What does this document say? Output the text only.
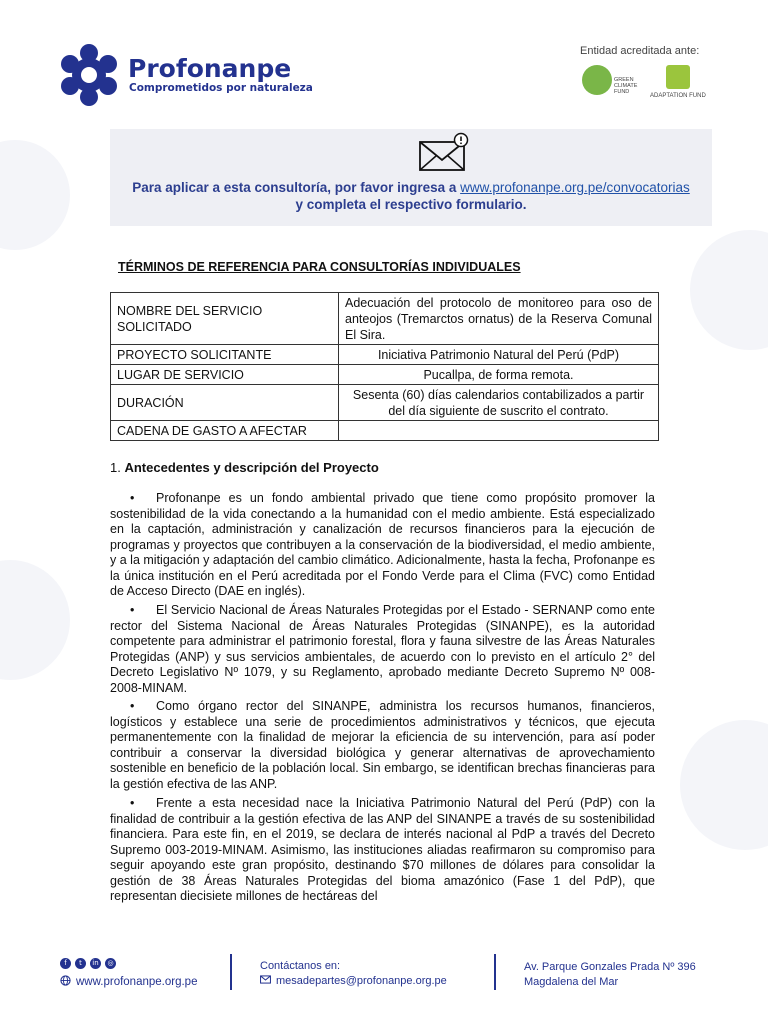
Profonanpe
Comprometidos por naturaleza
Entidad acreditada ante:
GREEN CLIMATE FUND
ADAPTATION FUND
Para aplicar a esta consultoría, por favor ingresa a www.profonanpe.org.pe/convocatorias
y completa el respectivo formulario.
TÉRMINOS DE REFERENCIA PARA CONSULTORÍAS INDIVIDUALES
NOMBRE DEL SERVICIO SOLICITADO	Adecuación del protocolo de monitoreo para oso de anteojos (Tremarctos ornatus) de la Reserva Comunal El Sira.
PROYECTO SOLICITANTE	Iniciativa Patrimonio Natural del Perú (PdP)
LUGAR DE SERVICIO	Pucallpa, de forma remota.
DURACIÓN	Sesenta (60) días calendarios contabilizados a partir del día siguiente de suscrito el contrato.
CADENA DE GASTO A AFECTAR	
1. Antecedentes y descripción del Proyecto
• Profonanpe es un fondo ambiental privado que tiene como propósito promover la sostenibilidad de la vida conectando a la humanidad con el medio ambiente. Está especializado en la captación, administración y canalización de recursos financieros para la ejecución de programas y proyectos que contribuyen a la conservación de la biodiversidad, el medio ambiente, y a la mitigación y adaptación del cambio climático. Adicionalmente, hasta la fecha, Profonanpe es la única institución en el Perú acreditada por el Fondo Verde para el Clima (FVC) como Entidad de Acceso Directo (DAE en inglés).
• El Servicio Nacional de Áreas Naturales Protegidas por el Estado - SERNANP como ente rector del Sistema Nacional de Áreas Naturales Protegidas (SINANPE), es la autoridad competente para administrar el patrimonio forestal, flora y fauna silvestre de las Áreas Naturales Protegidas (ANP) y sus servicios ambientales, de acuerdo con lo previsto en el artículo 2° del Decreto Legislativo Nº 1079, y su Reglamento, aprobado mediante Decreto Supremo Nº 008-2008-MINAM.
• Como órgano rector del SINANPE, administra los recursos humanos, financieros, logísticos y establece una serie de procedimientos administrativos y técnicos, que ejecuta permanentemente con la finalidad de mejorar la eficiencia de su intervención, para así poder contribuir a conservar la diversidad biológica y generar alternativas de aprovechamiento sostenible en beneficio de la población local. Sin embargo, se identifican brechas financieras para la gestión efectiva de las ANP.
• Frente a esta necesidad nace la Iniciativa Patrimonio Natural del Perú (PdP) con la finalidad de contribuir a la gestión efectiva de las ANP del SINANPE a través de su sostenibilidad financiera. Para este fin, en el 2019, se declara de interés nacional al PdP a través del Decreto Supremo 003-2019-MINAM. Asimismo, las instituciones aliadas reafirmaron su compromiso para seguir apoyando este gran propósito, destinando $70 millones de dólares para consolidar la gestión de 38 Áreas Naturales Protegidas del bioma amazónico (Fase 1 del PdP), que representan diecisiete millones de hectáreas del
f	t	in	◎
www.profonanpe.org.pe
Contáctanos en:
mesadepartes@profonanpe.org.pe
Av. Parque Gonzales Prada Nº 396
Magdalena del Mar
